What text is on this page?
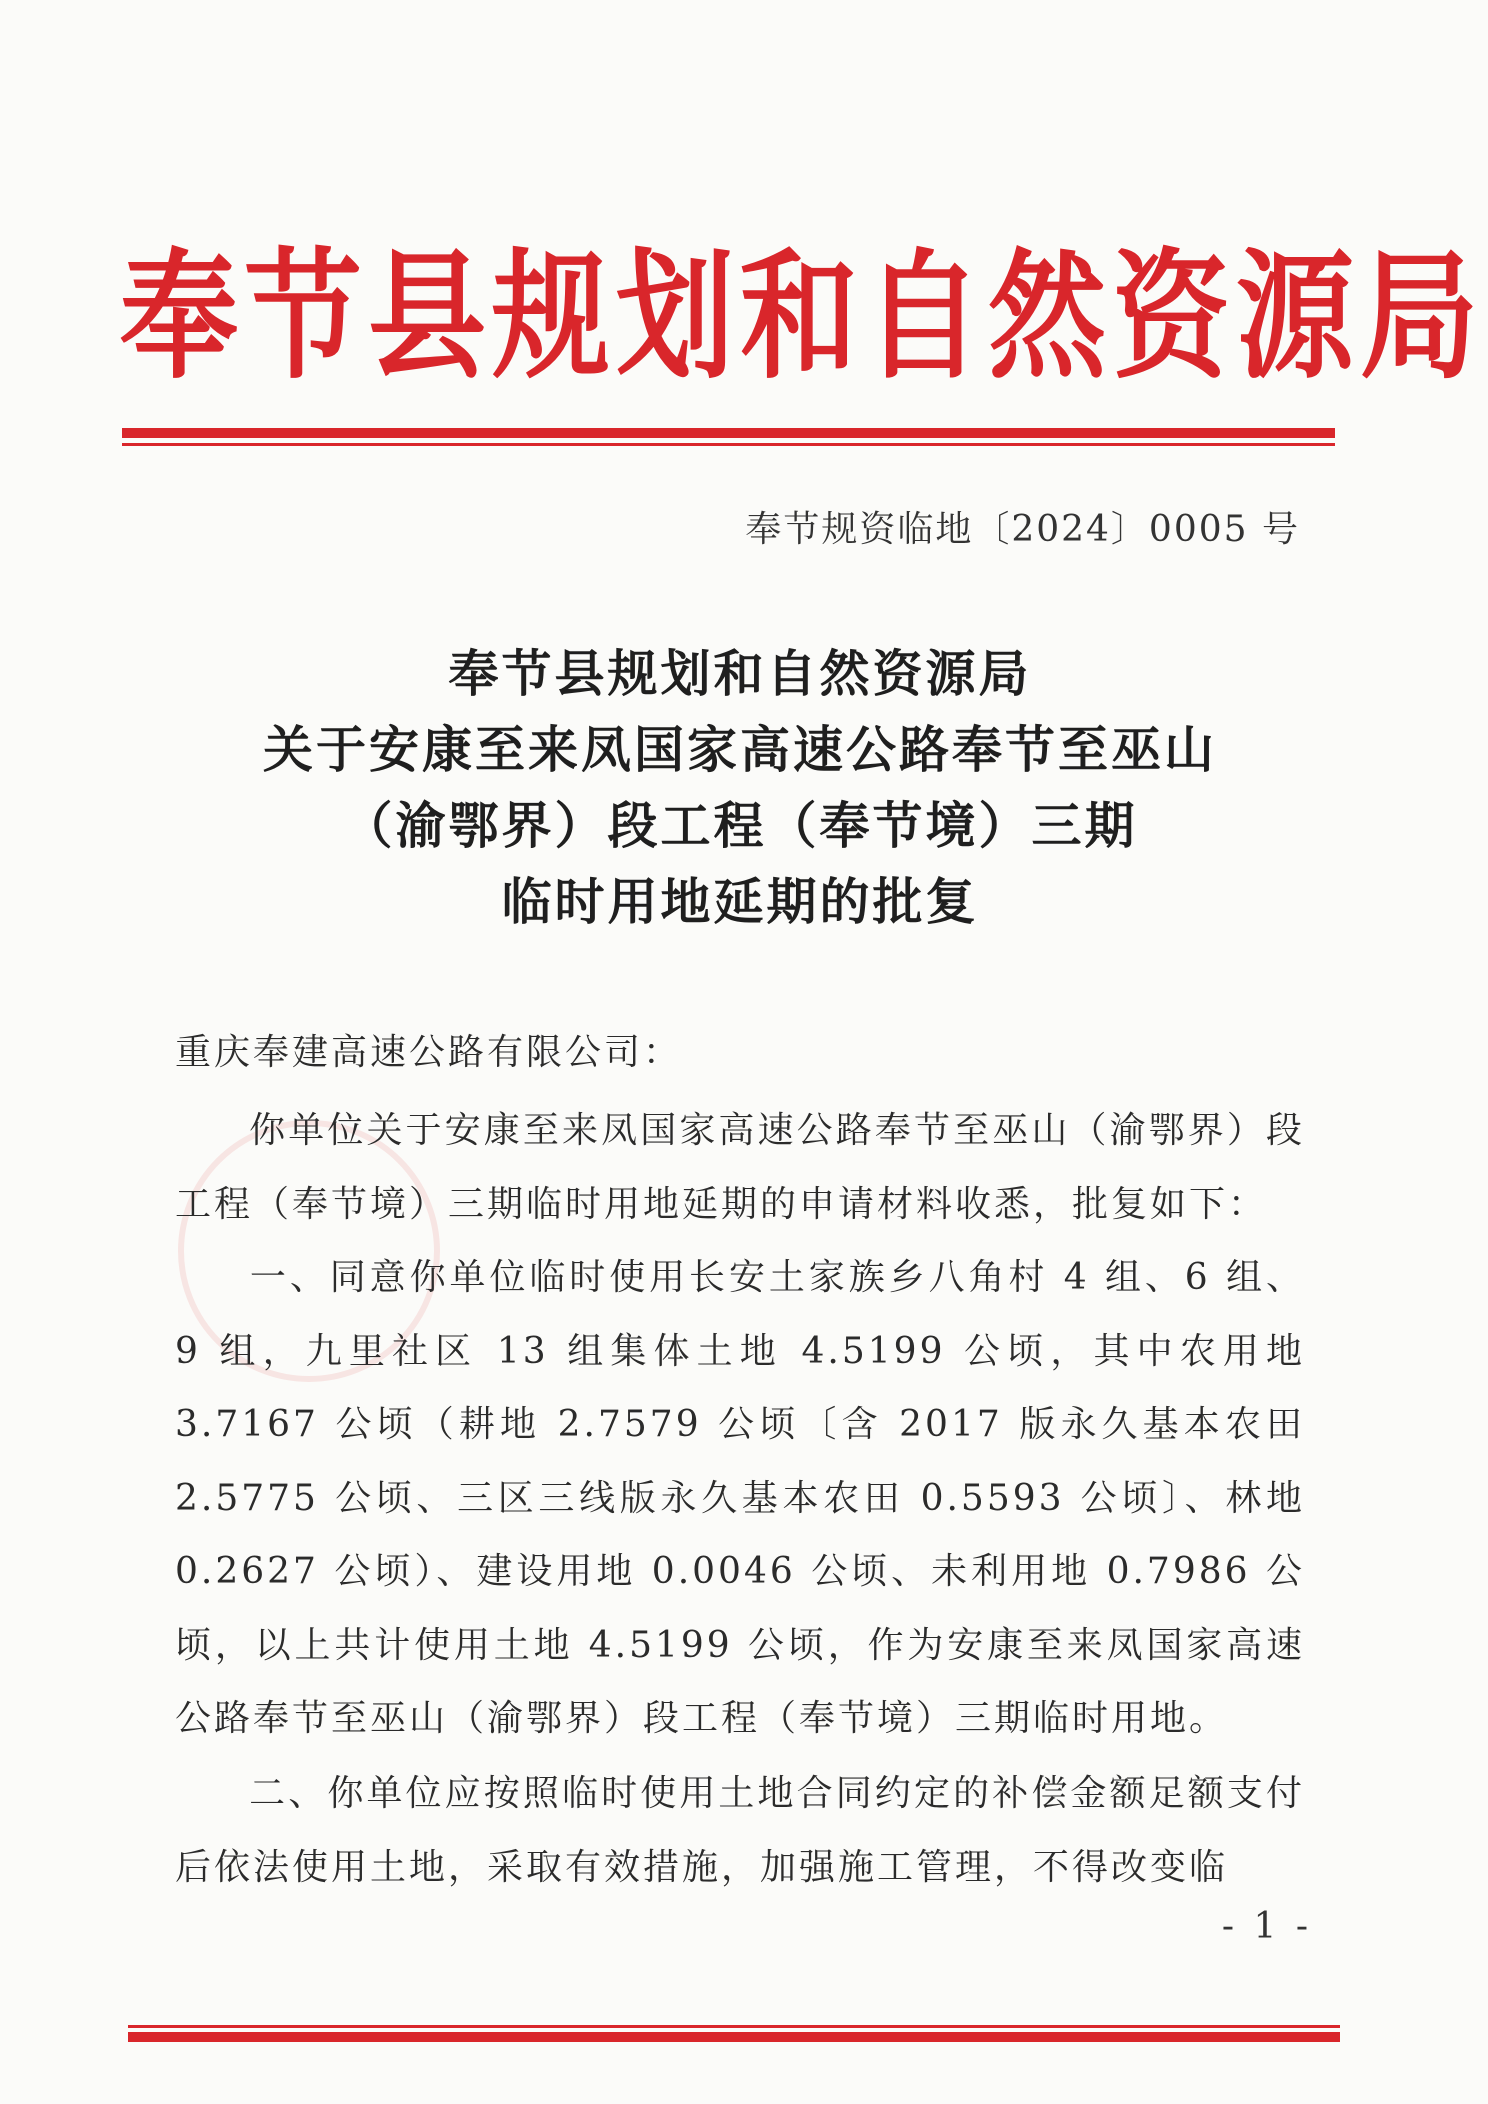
奉节县规划和自然资源局
奉节规资临地〔2024〕0005 号
奉节县规划和自然资源局
关于安康至来凤国家高速公路奉节至巫山
（渝鄂界）段工程（奉节境）三期
临时用地延期的批复
重庆奉建高速公路有限公司：
你单位关于安康至来凤国家高速公路奉节至巫山（渝鄂界）段工程（奉节境）三期临时用地延期的申请材料收悉，批复如下：
一、同意你单位临时使用长安土家族乡八角村 4 组、6 组、9 组，九里社区 13 组集体土地 4.5199 公顷，其中农用地 3.7167 公顷（耕地 2.7579 公顷〔含 2017 版永久基本农田 2.5775 公顷、三区三线版永久基本农田 0.5593 公顷〕、林地 0.2627 公顷）、建设用地 0.0046 公顷、未利用地 0.7986 公顷，以上共计使用土地 4.5199 公顷，作为安康至来凤国家高速公路奉节至巫山（渝鄂界）段工程（奉节境）三期临时用地。
二、你单位应按照临时使用土地合同约定的补偿金额足额支付后依法使用土地，采取有效措施，加强施工管理，不得改变临
- 1 -
